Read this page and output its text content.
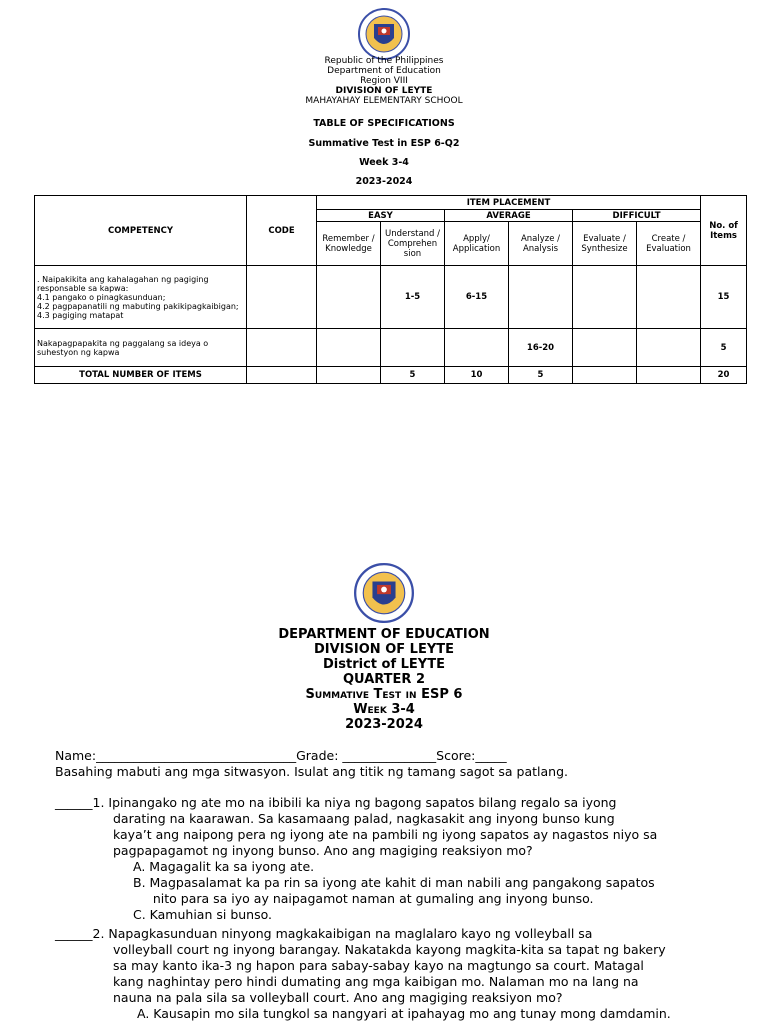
Republic of the Philippines
Department of Education
Region VIII
DIVISION OF LEYTE
MAHAYAHAY ELEMENTARY SCHOOL
TABLE OF SPECIFICATIONS
Summative Test in ESP 6-Q2
Week 3-4
2023-2024
COMPETENCY	CODE	ITEM PLACEMENT						No. of Items
		EASY		AVERAGE		DIFFICULT		
		Remember / Knowledge	Understand / Comprehen sion	Apply/ Application	Analyze / Analysis	Evaluate / Synthesize	Create / Evaluation	
. Naipakikita ang kahalagahan ng pagiging responsable sa kapwa:
4.1 pangako o pinagkasunduan;
4.2 pagpapanatili ng mabuting pakikipagkaibigan;
4.3 pagiging matapat			1-5	6-15				15
Nakapagpapakita ng paggalang sa ideya o suhestyon ng kapwa					16-20			5
TOTAL NUMBER OF ITEMS			5	10	5			20
DEPARTMENT OF EDUCATION
DIVISION OF LEYTE
District of LEYTE
QUARTER 2
Summative Test in ESP 6
Week 3-4
2023-2024
Name:________________________________Grade: _______________Score:_____
Basahing mabuti ang mga sitwasyon. Isulat ang titik ng tamang sagot sa patlang.
______1. Ipinangako ng ate mo na ibibili ka niya ng bagong sapatos bilang regalo sa iyong
darating na kaarawan. Sa kasamaang palad, nagkasakit ang inyong bunso kung
kaya’t ang naipong pera ng iyong ate na pambili ng iyong sapatos ay nagastos niyo sa
pagpapagamot ng inyong bunso. Ano ang magiging reaksiyon mo?
A. Magagalit ka sa iyong ate.
B. Magpasalamat ka pa rin sa iyong ate kahit di man nabili ang pangakong sapatos
nito para sa iyo ay naipagamot naman at gumaling ang inyong bunso.
C. Kamuhian si bunso.
______2. Napagkasunduan ninyong magkakaibigan na maglalaro kayo ng volleyball sa
volleyball court ng inyong barangay. Nakatakda kayong magkita-kita sa tapat ng bakery
sa may kanto ika-3 ng hapon para sabay-sabay kayo na magtungo sa court. Matagal
kang naghintay pero hindi dumating ang mga kaibigan mo. Nalaman mo na lang na
nauna na pala sila sa volleyball court. Ano ang magiging reaksiyon mo?
A. Kausapin mo sila tungkol sa nangyari at ipahayag mo ang tunay mong damdamin.
